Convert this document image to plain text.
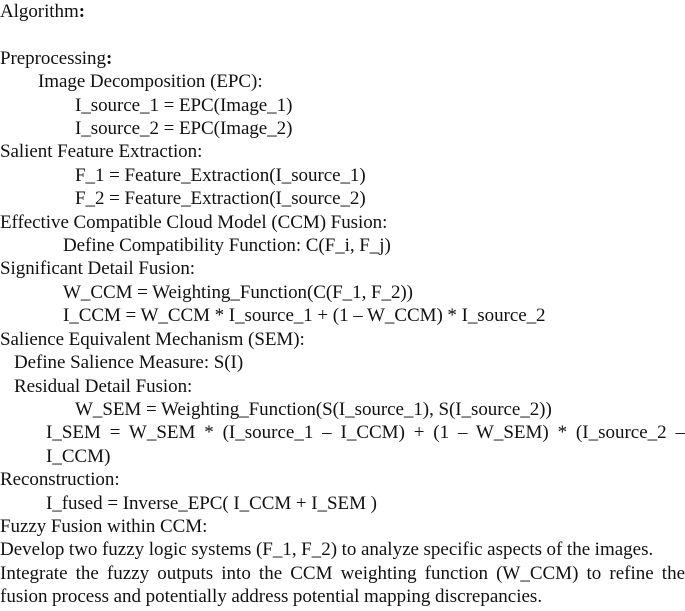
Algorithm:

Preprocessing:
Image Decomposition (EPC):
I_source_1 = EPC(Image_1)
I_source_2 = EPC(Image_2)
Salient Feature Extraction:
F_1 = Feature_Extraction(I_source_1)
F_2 = Feature_Extraction(I_source_2)
Effective Compatible Cloud Model (CCM) Fusion:
Define Compatibility Function: C(F_i, F_j)
Significant Detail Fusion:
W_CCM = Weighting_Function(C(F_1, F_2))
I_CCM = W_CCM * I_source_1 + (1 – W_CCM) * I_source_2
Salience Equivalent Mechanism (SEM):
Define Salience Measure: S(I)
Residual Detail Fusion:
W_SEM = Weighting_Function(S(I_source_1), S(I_source_2))
I_SEM = W_SEM * (I_source_1 – I_CCM) + (1 – W_SEM) * (I_source_2 – I_CCM)
Reconstruction:
I_fused = Inverse_EPC( I_CCM + I_SEM )
Fuzzy Fusion within CCM:
Develop two fuzzy logic systems (F_1, F_2) to analyze specific aspects of the images.
Integrate the fuzzy outputs into the CCM weighting function (W_CCM) to refine the fusion process and potentially address potential mapping discrepancies.
